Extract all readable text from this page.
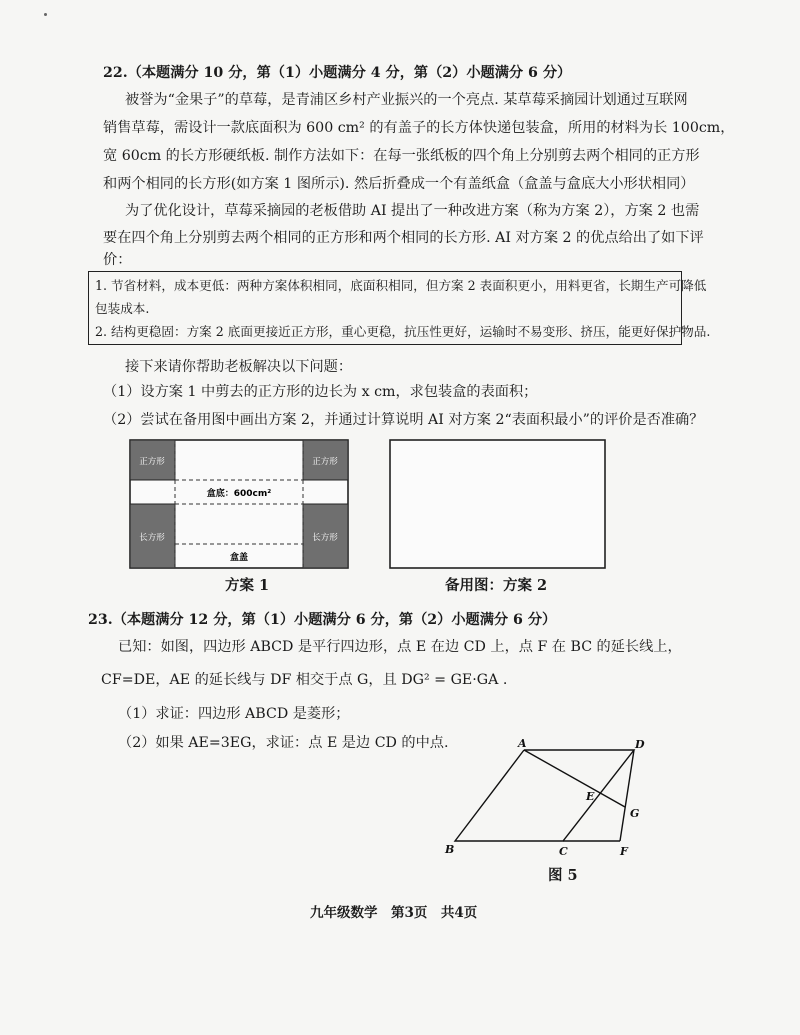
22.（本题满分 10 分，第（1）小题满分 4 分，第（2）小题满分 6 分）
被誉为“金果子”的草莓，是青浦区乡村产业振兴的一个亮点. 某草莓采摘园计划通过互联网
销售草莓，需设计一款底面积为 600 cm² 的有盖子的长方体快递包装盒，所用的材料为长 100cm，
宽 60cm 的长方形硬纸板. 制作方法如下：在每一张纸板的四个角上分别剪去两个相同的正方形
和两个相同的长方形(如方案 1 图所示). 然后折叠成一个有盖纸盒（盒盖与盒底大小形状相同）
为了优化设计，草莓采摘园的老板借助 AI 提出了一种改进方案（称为方案 2），方案 2 也需
要在四个角上分别剪去两个相同的正方形和两个相同的长方形. AI 对方案 2 的优点给出了如下评
价：
1. 节省材料，成本更低：两种方案体积相同，底面积相同，但方案 2 表面积更小，用料更省，长期生产可降低
包装成本.
2. 结构更稳固：方案 2 底面更接近正方形，重心更稳，抗压性更好，运输时不易变形、挤压，能更好保护物品.
接下来请你帮助老板解决以下问题：
（1）设方案 1 中剪去的正方形的边长为 x cm，求包装盒的表面积；
（2）尝试在备用图中画出方案 2，并通过计算说明 AI 对方案 2“表面积最小”的评价是否准确？
正方形	正方形
长方形	长方形
盒底：600cm²
盒盖
方案 1	备用图：方案 2
23.（本题满分 12 分，第（1）小题满分 6 分，第（2）小题满分 6 分）
已知：如图，四边形 ABCD 是平行四边形，点 E 在边 CD 上，点 F 在 BC 的延长线上，
CF=DE，AE 的延长线与 DF 相交于点 G，且 DG² = GE·GA .
（1）求证：四边形 ABCD 是菱形；
（2）如果 AE=3EG，求证：点 E 是边 CD 的中点.	A	D
E
G
B	C	F
图 5
九年级数学　第3页　共4页
